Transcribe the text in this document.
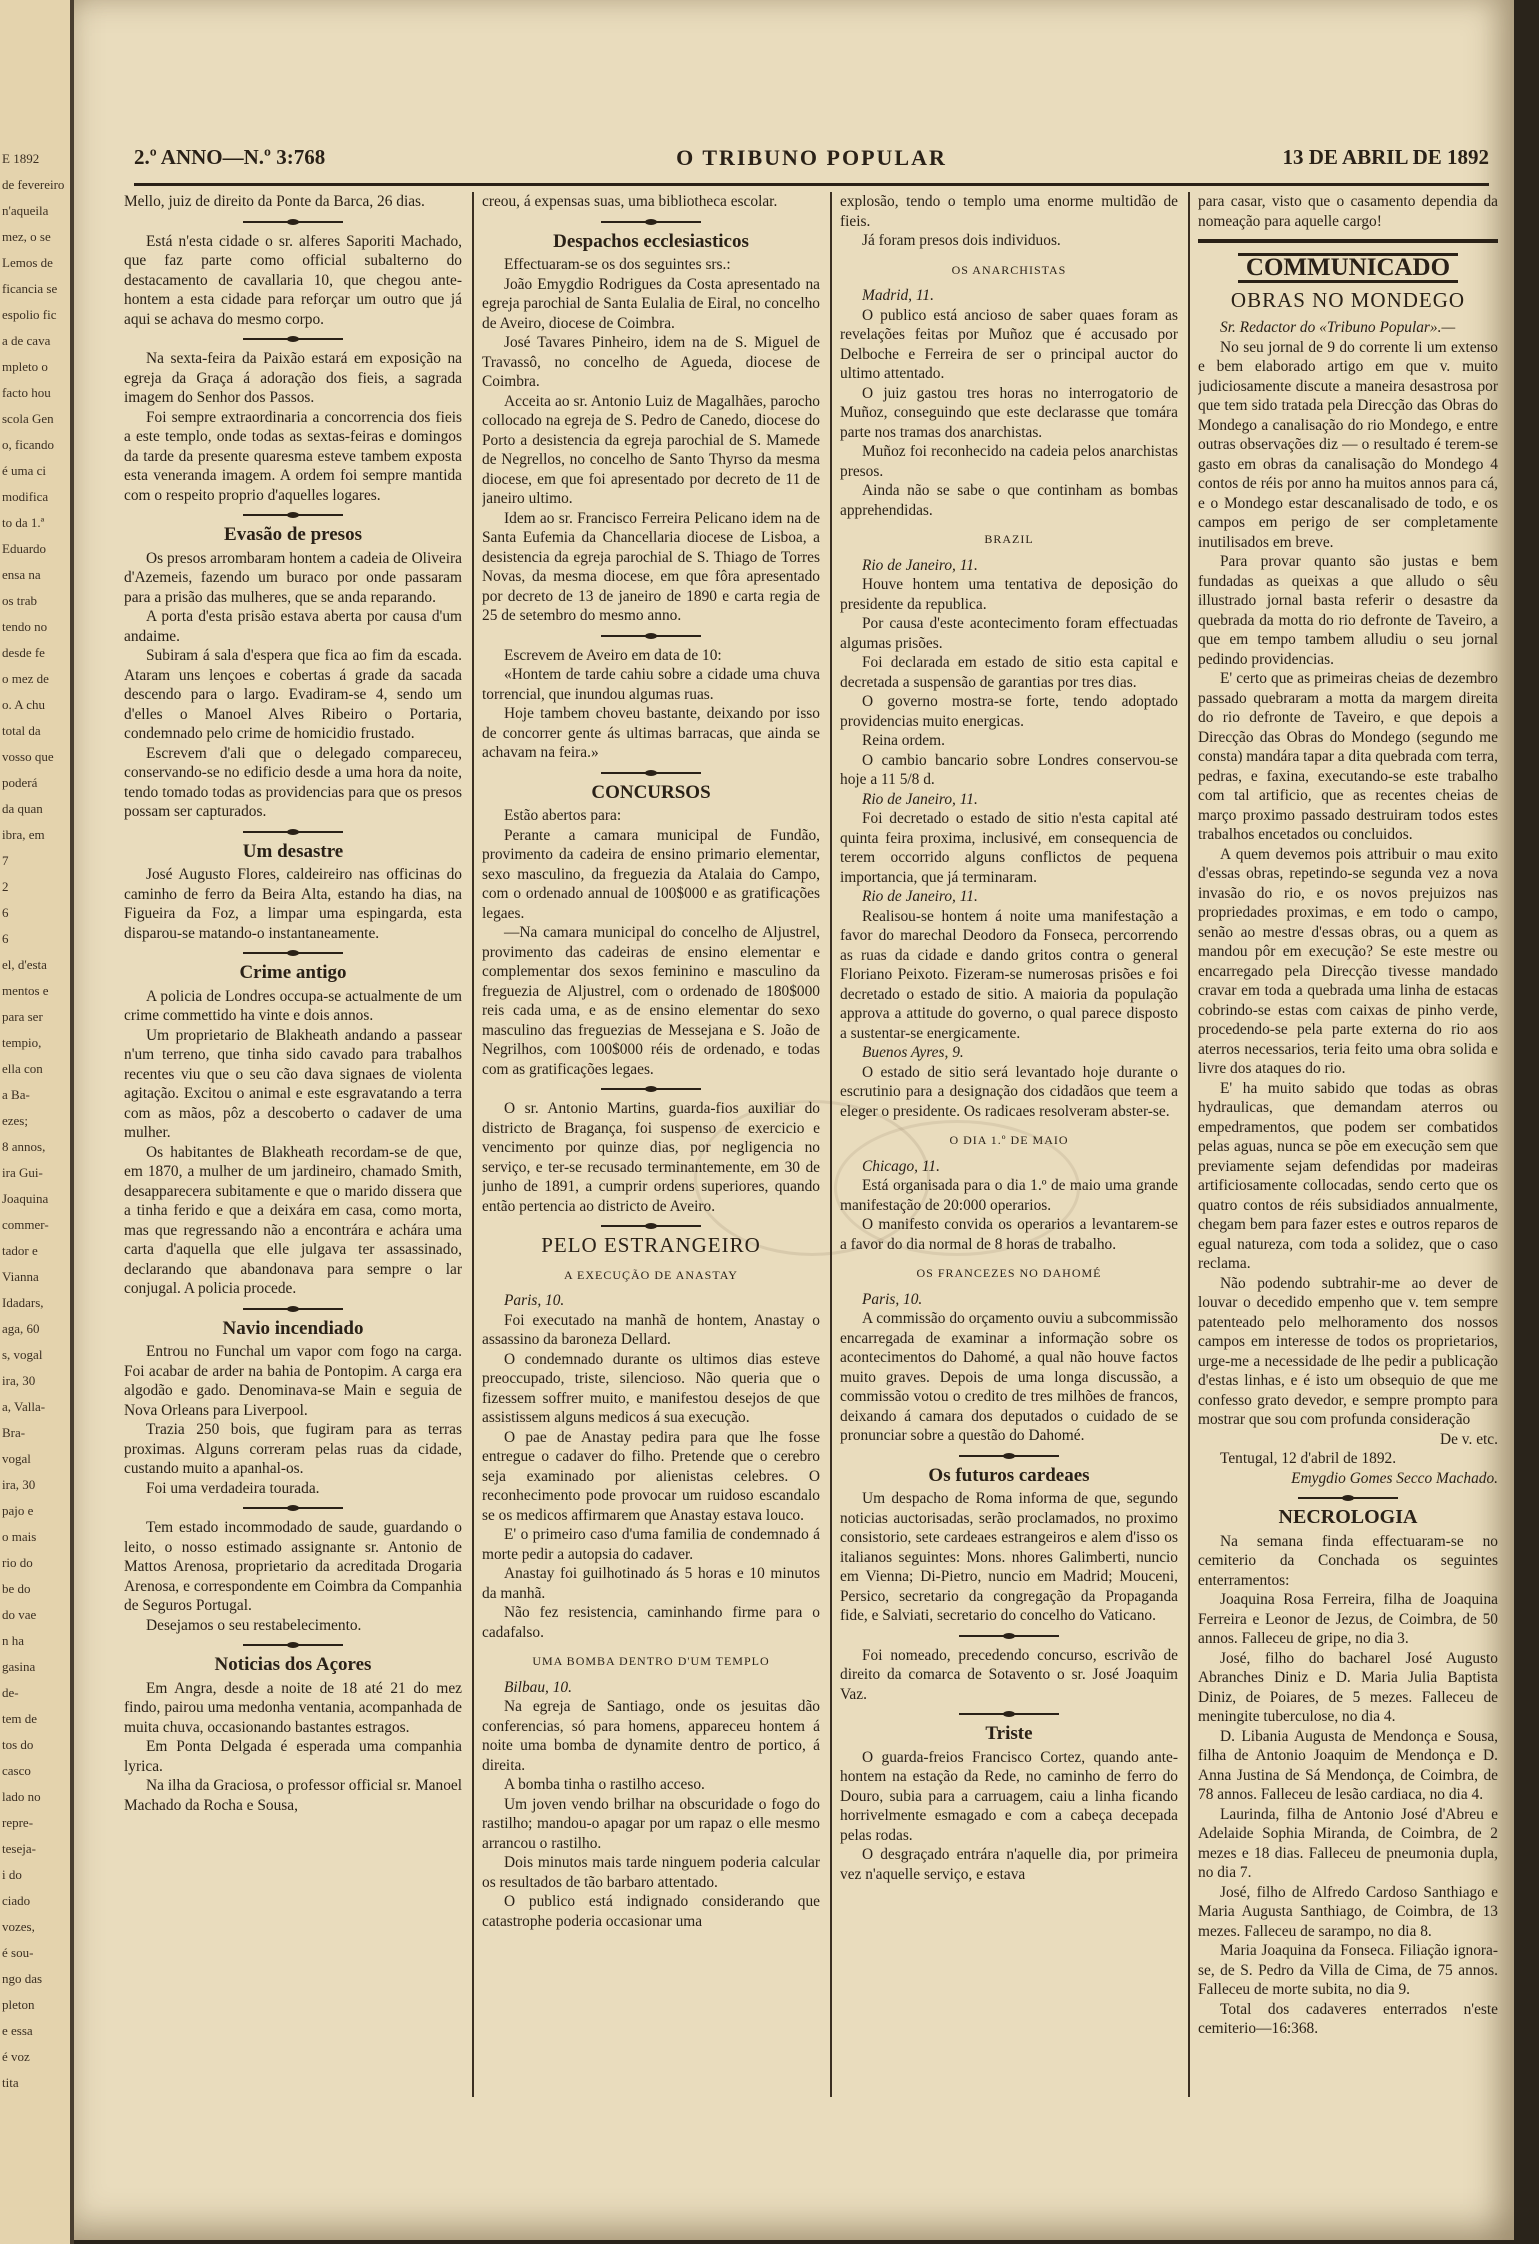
E 1892
de fevereiro
n'aqueila
mez, o se
Lemos de
ficancia se
espolio fic
a de cava
mpleto o
facto hou
scola Gen
o, ficando
é uma ci
modifica
to da 1.ª
Eduardo
ensa na
os trab
tendo no
desde fe
o mez de
o. A chu
total da
vosso que
poderá
da quan
ibra, em
7
2
6
6
el, d'esta
mentos e
para ser
tempio,
ella con
a Ba-
ezes;
8 annos,
ira Gui-
Joaquina
commer-
tador e
Vianna
Idadars,
aga, 60
s, vogal
ira, 30
a, Valla-
Bra-
vogal
ira, 30
pajo e
o mais
rio do
be do
do vae
n ha
gasina
de-
tem de
tos do
casco
lado no
repre-
teseja-
i do
ciado
vozes,
é sou-
ngo das
pleton
e essa
é voz
tita
2.º ANNO—N.º 3:768	O TRIBUNO POPULAR	13 DE ABRIL DE 1892

Mello, juiz de direito da Ponte da Barca, 26 dias.

Está n'esta cidade o sr. alferes Saporiti Machado, que faz parte como official subalterno do destacamento de cavallaria 10, que chegou ante-hontem a esta cidade para reforçar um outro que já aqui se achava do mesmo corpo.

Na sexta-feira da Paixão estará em exposição na egreja da Graça á adoração dos fieis, a sagrada imagem do Senhor dos Passos.

Foi sempre extraordinaria a concorrencia dos fieis a este templo, onde todas as sextas-feiras e domingos da tarde da presente quaresma esteve tambem exposta esta veneranda imagem. A ordem foi sempre mantida com o respeito proprio d'aquelles logares.

Evasão de presos

Os presos arrombaram hontem a cadeia de Oliveira d'Azemeis, fazendo um buraco por onde passaram para a prisão das mulheres, que se anda reparando.

A porta d'esta prisão estava aberta por causa d'um andaime.

Subiram á sala d'espera que fica ao fim da escada. Ataram uns lençoes e cobertas á grade da sacada descendo para o largo. Evadiram-se 4, sendo um d'elles o Manoel Alves Ribeiro o Portaria, condemnado pelo crime de homicidio frustado.

Escrevem d'ali que o delegado compareceu, conservando-se no edificio desde a uma hora da noite, tendo tomado todas as providencias para que os presos possam ser capturados.

Um desastre

José Augusto Flores, caldeireiro nas officinas do caminho de ferro da Beira Alta, estando ha dias, na Figueira da Foz, a limpar uma espingarda, esta disparou-se matando-o instantaneamente.

Crime antigo

A policia de Londres occupa-se actualmente de um crime commettido ha vinte e dois annos.

Um proprietario de Blakheath andando a passear n'um terreno, que tinha sido cavado para trabalhos recentes viu que o seu cão dava signaes de violenta agitação. Excitou o animal e este esgravatando a terra com as mãos, pôz a descoberto o cadaver de uma mulher.

Os habitantes de Blakheath recordam-se de que, em 1870, a mulher de um jardineiro, chamado Smith, desapparecera subitamente e que o marido dissera que a tinha ferido e que a deixára em casa, como morta, mas que regressando não a encontrára e achára uma carta d'aquella que elle julgava ter assassinado, declarando que abandonava para sempre o lar conjugal. A policia procede.

Navio incendiado

Entrou no Funchal um vapor com fogo na carga. Foi acabar de arder na bahia de Pontopim. A carga era algodão e gado. Denominava-se Main e seguia de Nova Orleans para Liverpool.

Trazia 250 bois, que fugiram para as terras proximas. Alguns correram pelas ruas da cidade, custando muito a apanhal-os.

Foi uma verdadeira tourada.

Tem estado incommodado de saude, guardando o leito, o nosso estimado assignante sr. Antonio de Mattos Arenosa, proprietario da acreditada Drogaria Arenosa, e correspondente em Coimbra da Companhia de Seguros Portugal.

Desejamos o seu restabelecimento.

Noticias dos Açores

Em Angra, desde a noite de 18 até 21 do mez findo, pairou uma medonha ventania, acompanhada de muita chuva, occasionando bastantes estragos.

Em Ponta Delgada é esperada uma companhia lyrica.

Na ilha da Graciosa, o professor official sr. Manoel Machado da Rocha e Sousa,

creou, á expensas suas, uma bibliotheca escolar.

Despachos ecclesiasticos

Effectuaram-se os dos seguintes srs.:

João Emygdio Rodrigues da Costa apresentado na egreja parochial de Santa Eulalia de Eiral, no concelho de Aveiro, diocese de Coimbra.

José Tavares Pinheiro, idem na de S. Miguel de Travassô, no concelho de Agueda, diocese de Coimbra.

Acceita ao sr. Antonio Luiz de Magalhães, parocho collocado na egreja de S. Pedro de Canedo, diocese do Porto a desistencia da egreja parochial de S. Mamede de Negrellos, no concelho de Santo Thyrso da mesma diocese, em que foi apresentado por decreto de 11 de janeiro ultimo.

Idem ao sr. Francisco Ferreira Pelicano idem na de Santa Eufemia da Chancellaria diocese de Lisboa, a desistencia da egreja parochial de S. Thiago de Torres Novas, da mesma diocese, em que fôra apresentado por decreto de 13 de janeiro de 1890 e carta regia de 25 de setembro do mesmo anno.

Escrevem de Aveiro em data de 10:

«Hontem de tarde cahiu sobre a cidade uma chuva torrencial, que inundou algumas ruas.

Hoje tambem choveu bastante, deixando por isso de concorrer gente ás ultimas barracas, que ainda se achavam na feira.»

CONCURSOS

Estão abertos para:

Perante a camara municipal de Fundão, provimento da cadeira de ensino primario elementar, sexo masculino, da freguezia da Atalaia do Campo, com o ordenado annual de 100$000 e as gratificações legaes.

—Na camara municipal do concelho de Aljustrel, provimento das cadeiras de ensino elementar e complementar dos sexos feminino e masculino da freguezia de Aljustrel, com o ordenado de 180$000 reis cada uma, e as de ensino elementar do sexo masculino das freguezias de Messejana e S. João de Negrilhos, com 100$000 réis de ordenado, e todas com as gratificações legaes.

O sr. Antonio Martins, guarda-fios auxiliar do districto de Bragança, foi suspenso de exercicio e vencimento por quinze dias, por negligencia no serviço, e ter-se recusado terminantemente, em 30 de junho de 1891, a cumprir ordens superiores, quando então pertencia ao districto de Aveiro.

PELO ESTRANGEIRO
A EXECUÇÃO DE ANASTAY

Paris, 10.

Foi executado na manhã de hontem, Anastay o assassino da baroneza Dellard.

O condemnado durante os ultimos dias esteve preoccupado, triste, silencioso. Não queria que o fizessem soffrer muito, e manifestou desejos de que assistissem alguns medicos á sua execução.

O pae de Anastay pedira para que lhe fosse entregue o cadaver do filho. Pretende que o cerebro seja examinado por alienistas celebres. O reconhecimento pode provocar um ruidoso escandalo se os medicos affirmarem que Anastay estava louco.

E' o primeiro caso d'uma familia de condemnado á morte pedir a autopsia do cadaver.

Anastay foi guilhotinado ás 5 horas e 10 minutos da manhã.

Não fez resistencia, caminhando firme para o cadafalso.

UMA BOMBA DENTRO D'UM TEMPLO

Bilbau, 10.

Na egreja de Santiago, onde os jesuitas dão conferencias, só para homens, appareceu hontem á noite uma bomba de dynamite dentro de portico, á direita.

A bomba tinha o rastilho acceso.

Um joven vendo brilhar na obscuridade o fogo do rastilho; mandou-o apagar por um rapaz o elle mesmo arrancou o rastilho.

Dois minutos mais tarde ninguem poderia calcular os resultados de tão barbaro attentado.

O publico está indignado considerando que catastrophe poderia occasionar uma

explosão, tendo o templo uma enorme multidão de fieis.

Já foram presos dois individuos.

OS ANARCHISTAS

Madrid, 11.

O publico está ancioso de saber quaes foram as revelações feitas por Muñoz que é accusado por Delboche e Ferreira de ser o principal auctor do ultimo attentado.

O juiz gastou tres horas no interrogatorio de Muñoz, conseguindo que este declarasse que tomára parte nos tramas dos anarchistas.

Muñoz foi reconhecido na cadeia pelos anarchistas presos.

Ainda não se sabe o que continham as bombas apprehendidas.

BRAZIL

Rio de Janeiro, 11.

Houve hontem uma tentativa de deposição do presidente da republica.

Por causa d'este acontecimento foram effectuadas algumas prisões.

Foi declarada em estado de sitio esta capital e decretada a suspensão de garantias por tres dias.

O governo mostra-se forte, tendo adoptado providencias muito energicas.

Reina ordem.

O cambio bancario sobre Londres conservou-se hoje a 11 5/8 d.

Rio de Janeiro, 11.

Foi decretado o estado de sitio n'esta capital até quinta feira proxima, inclusivé, em consequencia de terem occorrido alguns conflictos de pequena importancia, que já terminaram.

Rio de Janeiro, 11.

Realisou-se hontem á noite uma manifestação a favor do marechal Deodoro da Fonseca, percorrendo as ruas da cidade e dando gritos contra o general Floriano Peixoto. Fizeram-se numerosas prisões e foi decretado o estado de sitio. A maioria da população approva a attitude do governo, o qual parece disposto a sustentar-se energicamente.

Buenos Ayres, 9.

O estado de sitio será levantado hoje durante o escrutinio para a designação dos cidadãos que teem a eleger o presidente. Os radicaes resolveram abster-se.

O DIA 1.º DE MAIO

Chicago, 11.

Está organisada para o dia 1.º de maio uma grande manifestação de 20:000 operarios.

O manifesto convida os operarios a levantarem-se a favor do dia normal de 8 horas de trabalho.

OS FRANCEZES NO DAHOMÉ

Paris, 10.

A commissão do orçamento ouviu a subcommissão encarregada de examinar a informação sobre os acontecimentos do Dahomé, a qual não houve factos muito graves. Depois de uma longa discussão, a commissão votou o credito de tres milhões de francos, deixando á camara dos deputados o cuidado de se pronunciar sobre a questão do Dahomé.

Os futuros cardeaes

Um despacho de Roma informa de que, segundo noticias auctorisadas, serão proclamados, no proximo consistorio, sete cardeaes estrangeiros e alem d'isso os italianos seguintes: Mons. nhores Galimberti, nuncio em Vienna; Di-Pietro, nuncio em Madrid; Mouceni, Persico, secretario da congregação da Propaganda fide, e Salviati, secretario do concelho do Vaticano.

Foi nomeado, precedendo concurso, escrivão de direito da comarca de Sotavento o sr. José Joaquim Vaz.

Triste

O guarda-freios Francisco Cortez, quando ante-hontem na estação da Rede, no caminho de ferro do Douro, subia para a carruagem, caiu a linha ficando horrivelmente esmagado e com a cabeça decepada pelas rodas.

O desgraçado entrára n'aquelle dia, por primeira vez n'aquelle serviço, e estava

para casar, visto que o casamento dependia da nomeação para aquelle cargo!

COMMUNICADO
OBRAS NO MONDEGO

Sr. Redactor do «Tribuno Popular».—

No seu jornal de 9 do corrente li um extenso e bem elaborado artigo em que v. muito judiciosamente discute a maneira desastrosa por que tem sido tratada pela Direcção das Obras do Mondego a canalisação do rio Mondego, e entre outras observações diz — o resultado é terem-se gasto em obras da canalisação do Mondego 4 contos de réis por anno ha muitos annos para cá, e o Mondego estar descanalisado de todo, e os campos em perigo de ser completamente inutilisados em breve.

Para provar quanto são justas e bem fundadas as queixas a que alludo o sêu illustrado jornal basta referir o desastre da quebrada da motta do rio defronte de Taveiro, a que em tempo tambem alludiu o seu jornal pedindo providencias.

E' certo que as primeiras cheias de dezembro passado quebraram a motta da margem direita do rio defronte de Taveiro, e que depois a Direcção das Obras do Mondego (segundo me consta) mandára tapar a dita quebrada com terra, pedras, e faxina, executando-se este trabalho com tal artificio, que as recentes cheias de março proximo passado destruiram todos estes trabalhos encetados ou concluidos.

A quem devemos pois attribuir o mau exito d'essas obras, repetindo-se segunda vez a nova invasão do rio, e os novos prejuizos nas propriedades proximas, e em todo o campo, senão ao mestre d'essas obras, ou a quem as mandou pôr em execução? Se este mestre ou encarregado pela Direcção tivesse mandado cravar em toda a quebrada uma linha de estacas cobrindo-se estas com caixas de pinho verde, procedendo-se pela parte externa do rio aos aterros necessarios, teria feito uma obra solida e livre dos ataques do rio.

E' ha muito sabido que todas as obras hydraulicas, que demandam aterros ou empedramentos, que podem ser combatidos pelas aguas, nunca se põe em execução sem que previamente sejam defendidas por madeiras artificiosamente collocadas, sendo certo que os quatro contos de réis subsidiados annualmente, chegam bem para fazer estes e outros reparos de egual natureza, com toda a solidez, que o caso reclama.

Não podendo subtrahir-me ao dever de louvar o decedido empenho que v. tem sempre patenteado pelo melhoramento dos nossos campos em interesse de todos os proprietarios, urge-me a necessidade de lhe pedir a publicação d'estas linhas, e é isto um obsequio de que me confesso grato devedor, e sempre prompto para mostrar que sou com profunda consideração

De v. etc.

Tentugal, 12 d'abril de 1892.

Emygdio Gomes Secco Machado.

NECROLOGIA

Na semana finda effectuaram-se no cemiterio da Conchada os seguintes enterramentos:

Joaquina Rosa Ferreira, filha de Joaquina Ferreira e Leonor de Jezus, de Coimbra, de 50 annos. Falleceu de gripe, no dia 3.

José, filho do bacharel José Augusto Abranches Diniz e D. Maria Julia Baptista Diniz, de Poiares, de 5 mezes. Falleceu de meningite tuberculose, no dia 4.

D. Libania Augusta de Mendonça e Sousa, filha de Antonio Joaquim de Mendonça e D. Anna Justina de Sá Mendonça, de Coimbra, de 78 annos. Falleceu de lesão cardiaca, no dia 4.

Laurinda, filha de Antonio José d'Abreu e Adelaide Sophia Miranda, de Coimbra, de 2 mezes e 18 dias. Falleceu de pneumonia dupla, no dia 7.

José, filho de Alfredo Cardoso Santhiago e Maria Augusta Santhiago, de Coimbra, de 13 mezes. Falleceu de sarampo, no dia 8.

Maria Joaquina da Fonseca. Filiação ignora-se, de S. Pedro da Villa de Cima, de 75 annos. Falleceu de morte subita, no dia 9.

Total dos cadaveres enterrados n'este cemiterio—16:368.
